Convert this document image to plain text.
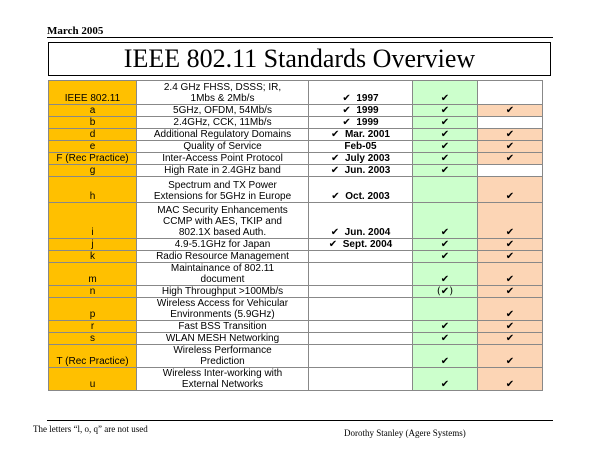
March 2005
IEEE 802.11 Standards Overview
IEEE 802.11	2.4 GHz FHSS, DSSS; IR,
1Mbs & 2Mb/s	✔ 1997	✔	
a	5GHz, OFDM, 54Mb/s	✔ 1999	✔	✔
b	2.4GHz, CCK, 11Mb/s	✔ 1999	✔	
d	Additional Regulatory Domains	✔ Mar. 2001	✔	✔
e	Quality of Service	Feb-05	✔	✔
F (Rec Practice)	Inter-Access Point Protocol	✔ July 2003	✔	✔
g	High Rate in 2.4GHz band	✔ Jun. 2003	✔	
h	Spectrum and TX Power
Extensions for 5GHz in Europe	✔ Oct. 2003		✔
i	MAC Security Enhancements
CCMP with AES, TKIP and
802.1X based Auth.	✔ Jun. 2004	✔	✔
j	4.9-5.1GHz for Japan	✔ Sept. 2004	✔	✔
k	Radio Resource Management		✔	✔
m	Maintainance of 802.11
document		✔	✔
n	High Throughput >100Mb/s		(✔)	✔
p	Wireless Access for Vehicular
Environments (5.9GHz)			✔
r	Fast BSS Transition		✔	✔
s	WLAN MESH Networking		✔	✔
T (Rec Practice)	Wireless Performance
Prediction		✔	✔
u	Wireless Inter-working with
External Networks		✔	✔
The letters “l, o, q” are not used	Dorothy Stanley (Agere Systems)
